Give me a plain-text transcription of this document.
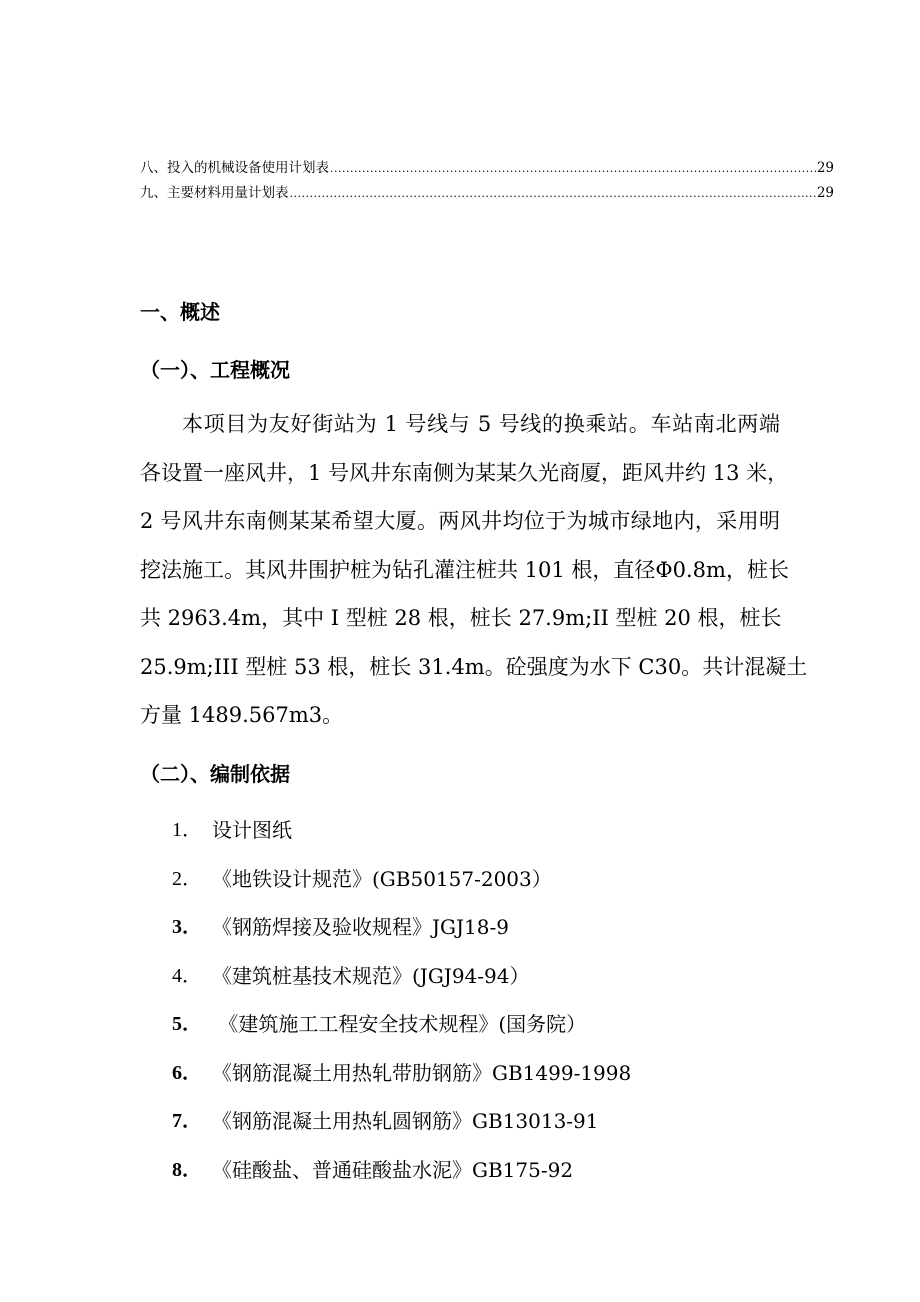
八、投入的机械设备使用计划表 .....	29
九、主要材料用量计划表 .....	29
一、概述
（一）、工程概况
本项目为友好街站为 1 号线与 5 号线的换乘站。车站南北两端
各设置一座风井，1 号风井东南侧为某某久光商厦，距风井约 13 米，
2 号风井东南侧某某希望大厦。两风井均位于为城市绿地内，采用明
挖法施工。其风井围护桩为钻孔灌注桩共 101 根，直径Φ0.8m，桩长
共 2963.4m，其中 I 型桩 28 根，桩长 27.9m;II 型桩 20 根，桩长
25.9m;III 型桩 53 根，桩长 31.4m。砼强度为水下 C30。共计混凝土
方量 1489.567m3。
（二）、编制依据
1． 设计图纸
2． 《地铁设计规范》(GB50157-2003）
3． 《钢筋焊接及验收规程》JGJ18-9
4． 《建筑桩基技术规范》(JGJ94-94）
5． 《建筑施工工程安全技术规程》(国务院）
6． 《钢筋混凝土用热轧带肋钢筋》GB1499-1998
7． 《钢筋混凝土用热轧圆钢筋》GB13013-91
8． 《硅酸盐、普通硅酸盐水泥》GB175-92
